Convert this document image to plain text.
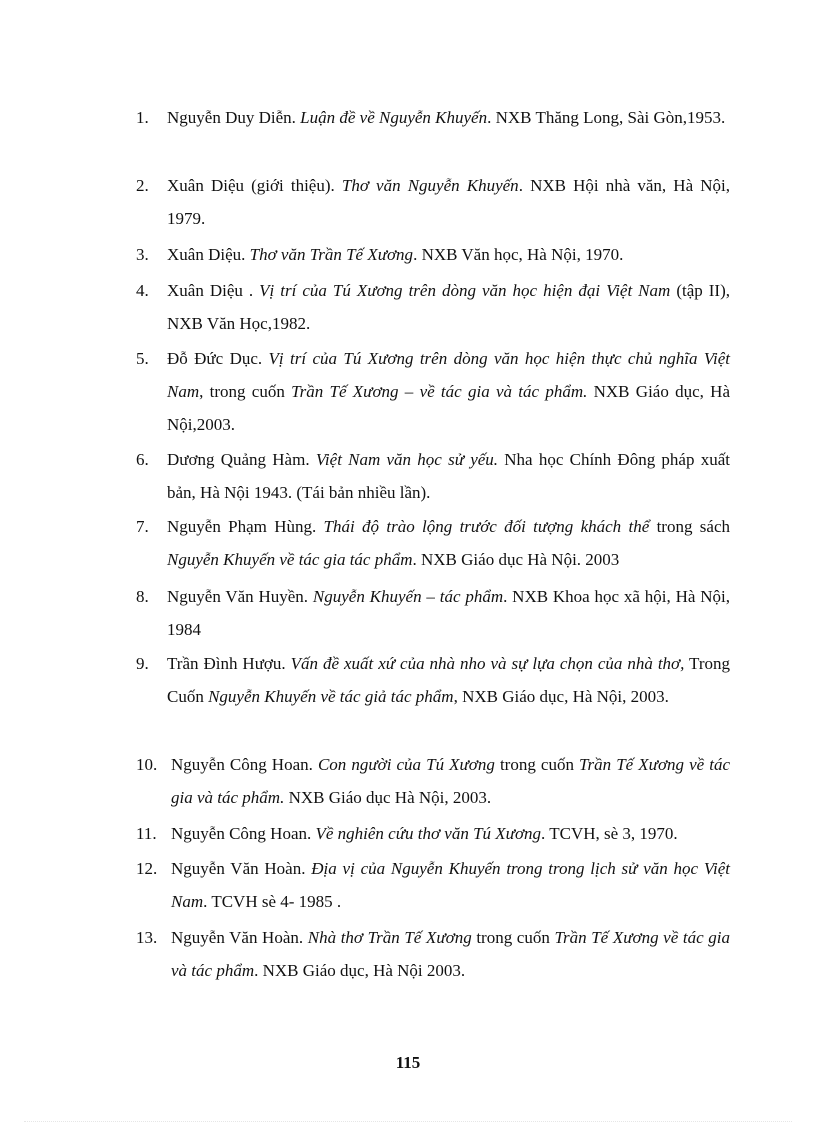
1.	Nguyễn Duy Diễn. Luận đề về Nguyễn Khuyến. NXB Thăng Long, Sài Gòn,1953.

2.	Xuân Diệu (giới thiệu). Thơ văn Nguyễn Khuyến. NXB Hội nhà văn, Hà Nội, 1979.

3.	Xuân Diệu. Thơ văn Trần Tế Xương. NXB Văn học, Hà Nội, 1970.

4.	Xuân Diệu . Vị trí của Tú Xương trên dòng văn học hiện đại Việt Nam (tập II), NXB Văn Học,1982.

5.	Đỗ Đức Dục. Vị trí của Tú Xương trên dòng văn học hiện thực chủ nghĩa Việt Nam, trong cuốn Trần Tế Xương – về tác gia và tác phẩm. NXB Giáo dục, Hà Nội,2003.

6.	Dương Quảng Hàm. Việt Nam văn học sử yếu. Nha học Chính Đông pháp xuất bản, Hà Nội 1943. (Tái bản nhiều lần).

7.	Nguyễn Phạm Hùng. Thái độ trào lộng trước đối tượng khách thể trong sách Nguyễn Khuyến về tác gia tác phẩm. NXB Giáo dục Hà Nội. 2003

8.	Nguyễn Văn Huyền. Nguyễn Khuyến – tác phẩm. NXB Khoa học xã hội, Hà Nội, 1984

9.	Trần Đình Hượu. Vấn đề xuất xứ của nhà nho và sự lựa chọn của nhà thơ, Trong Cuốn Nguyễn Khuyến về tác giả tác phẩm, NXB Giáo dục, Hà Nội, 2003.

10. Nguyễn Công Hoan. Con người của Tú Xương trong cuốn Trần Tế Xương về tác gia và tác phẩm. NXB Giáo dục Hà Nội, 2003.

11. Nguyễn Công Hoan. Về nghiên cứu thơ văn Tú Xương. TCVH, sè 3, 1970.

12. Nguyễn Văn Hoàn. Địa vị của Nguyễn Khuyến trong trong lịch sử văn học Việt Nam. TCVH sè 4- 1985 .

13. Nguyễn Văn Hoàn. Nhà thơ Trần Tế Xương trong cuốn Trần Tế Xương về tác gia và tác phẩm. NXB Giáo dục, Hà Nội 2003.

115
